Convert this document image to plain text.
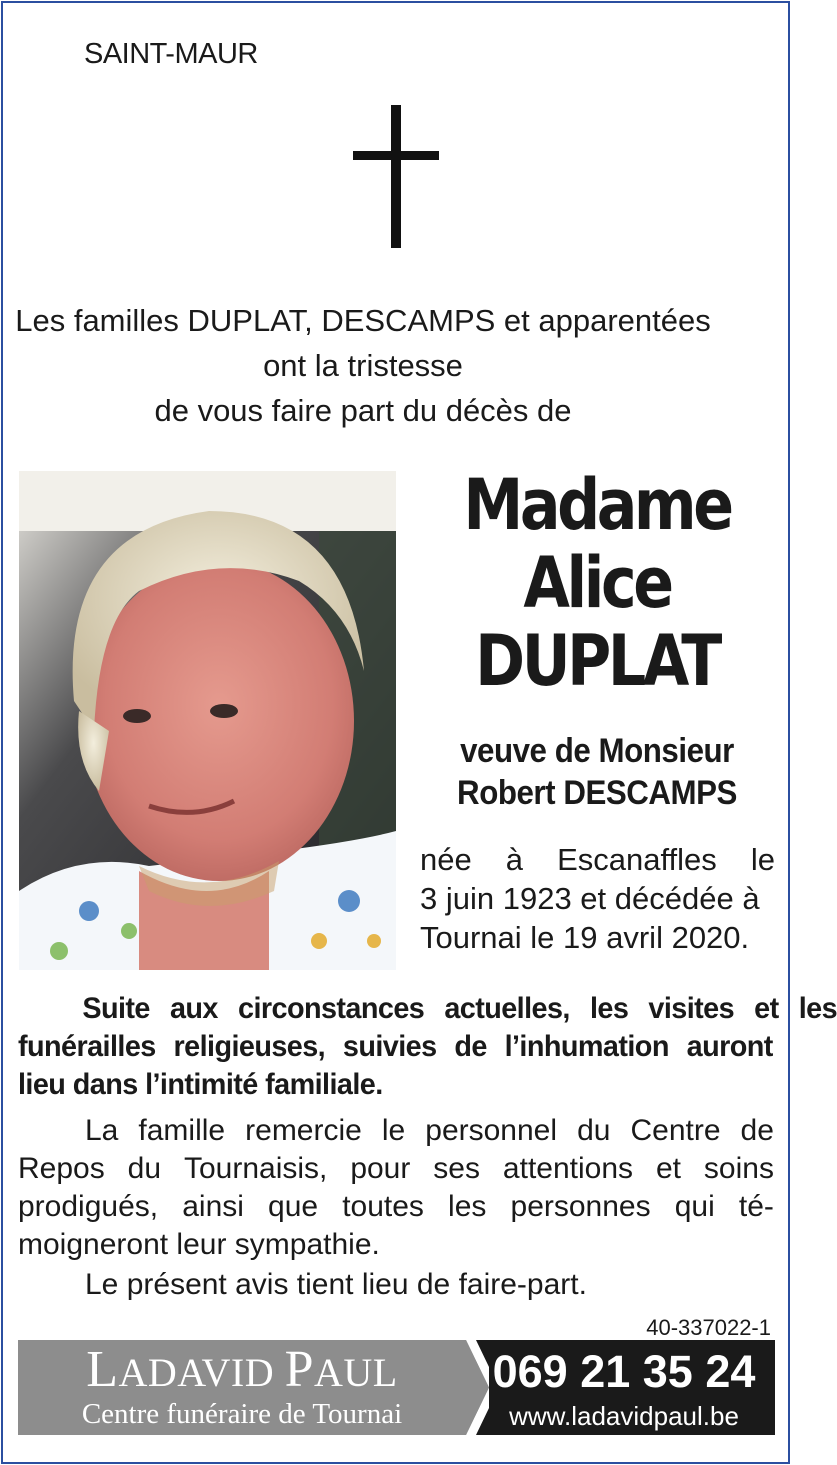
SAINT-MAUR
Les familles DUPLAT, DESCAMPS et apparentées
ont la tristesse
de vous faire part du décès de
Madame
Alice
DUPLAT
veuve de Monsieur
Robert DESCAMPS
née à Escanaffles le
3 juin 1923 et décédée à
Tournai le 19 avril 2020.
Suite aux circonstances actuelles, les visites et les
funérailles religieuses, suivies de l’inhumation auront
lieu dans l’intimité familiale.
La famille remercie le personnel du Centre de
Repos du Tournaisis, pour ses attentions et soins
prodigués, ainsi que toutes les personnes qui té-
moigneront leur sympathie.
Le présent avis tient lieu de faire-part.
40-337022-1
LADAVID PAUL
Centre funéraire de Tournai
069 21 35 24
www.ladavidpaul.be
